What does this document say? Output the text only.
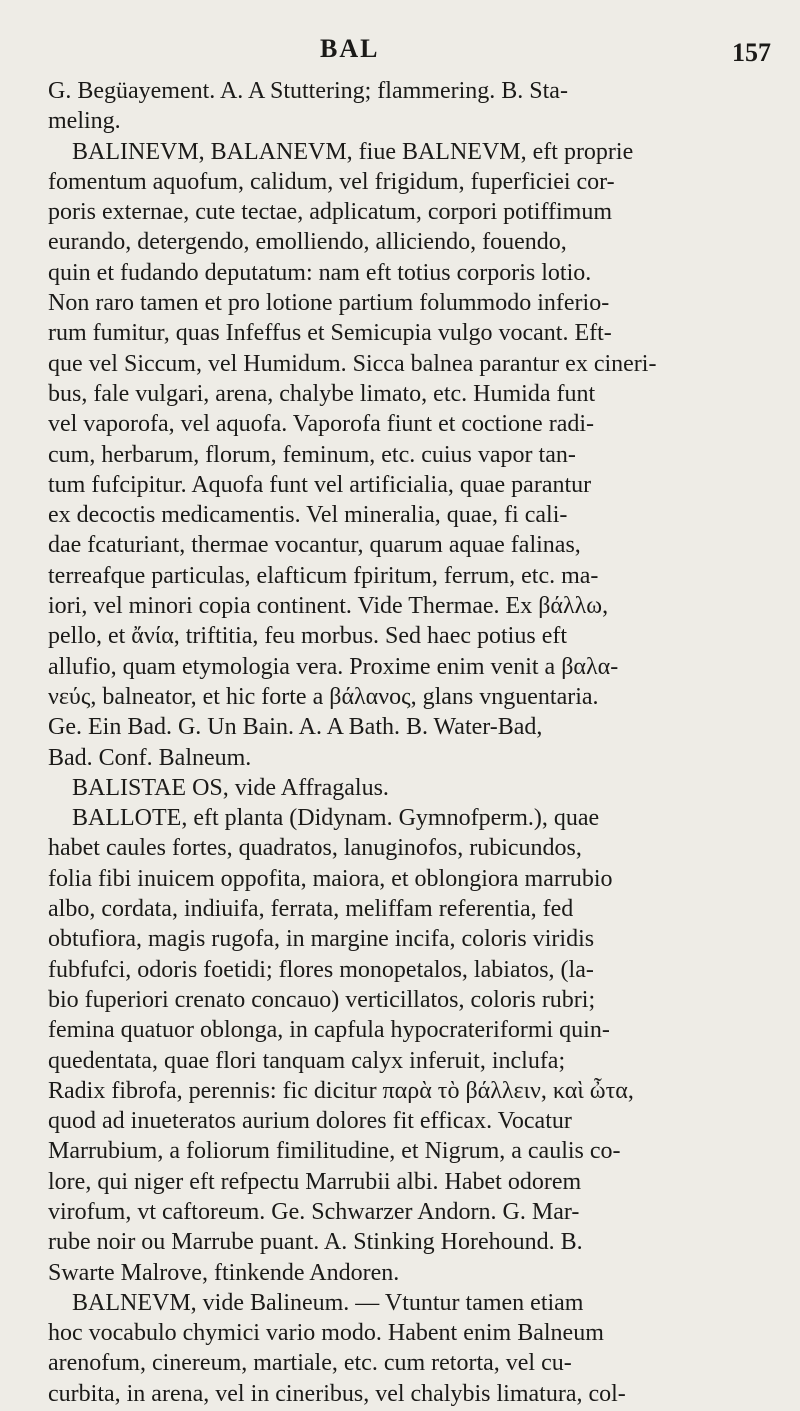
BAL	157
G. Begüayement. A. A Stuttering; flammering. B. Sta-
meling.
BALINEVM, BALANEVM, fiue BALNEVM, eft proprie
fomentum aquofum, calidum, vel frigidum, fuperficiei cor-
poris externae, cute tectae, adplicatum, corpori potiffimum
eurando, detergendo, emolliendo, alliciendo, fouendo,
quin et fudando deputatum: nam eft totius corporis lotio.
Non raro tamen et pro lotione partium folummodo inferio-
rum fumitur, quas Infeffus et Semicupia vulgo vocant. Eft-
que vel Siccum, vel Humidum. Sicca balnea parantur ex cineri-
bus, fale vulgari, arena, chalybe limato, etc. Humida funt
vel vaporofa, vel aquofa. Vaporofa fiunt et coctione radi-
cum, herbarum, florum, feminum, etc. cuius vapor tan-
tum fufcipitur. Aquofa funt vel artificialia, quae parantur
ex decoctis medicamentis. Vel mineralia, quae, fi cali-
dae fcaturiant, thermae vocantur, quarum aquae falinas,
terreafque particulas, elafticum fpiritum, ferrum, etc. ma-
iori, vel minori copia continent. Vide Thermae. Ex βάλλω,
pello, et ἄνία, triftitia, feu morbus. Sed haec potius eft
allufio, quam etymologia vera. Proxime enim venit a βαλα-
νεύς, balneator, et hic forte a βάλανος, glans vnguentaria.
Ge. Ein Bad. G. Un Bain. A. A Bath. B. Water-Bad,
Bad. Conf. Balneum.
BALISTAE OS, vide Affragalus.
BALLOTE, eft planta (Didynam. Gymnofperm.), quae
habet caules fortes, quadratos, lanuginofos, rubicundos,
folia fibi inuicem oppofita, maiora, et oblongiora marrubio
albo, cordata, indiuifa, ferrata, meliffam referentia, fed
obtufiora, magis rugofa, in margine incifa, coloris viridis
fubfufci, odoris foetidi; flores monopetalos, labiatos, (la-
bio fuperiori crenato concauo) verticillatos, coloris rubri;
femina quatuor oblonga, in capfula hypocrateriformi quin-
quedentata, quae flori tanquam calyx inferuit, inclufa;
Radix fibrofa, perennis: fic dicitur παρὰ τὸ βάλλειν, καὶ ὦτα,
quod ad inueteratos aurium dolores fit efficax. Vocatur
Marrubium, a foliorum fimilitudine, et Nigrum, a caulis co-
lore, qui niger eft refpectu Marrubii albi. Habet odorem
virofum, vt caftoreum. Ge. Schwarzer Andorn. G. Mar-
rube noir ou Marrube puant. A. Stinking Horehound. B.
Swarte Malrove, ftinkende Andoren.
BALNEVM, vide Balineum. — Vtuntur tamen etiam
hoc vocabulo chymici vario modo. Habent enim Balneum
arenofum, cinereum, martiale, etc. cum retorta, vel cu-
curbita, in arena, vel in cineribus, vel chalybis limatura, col-
